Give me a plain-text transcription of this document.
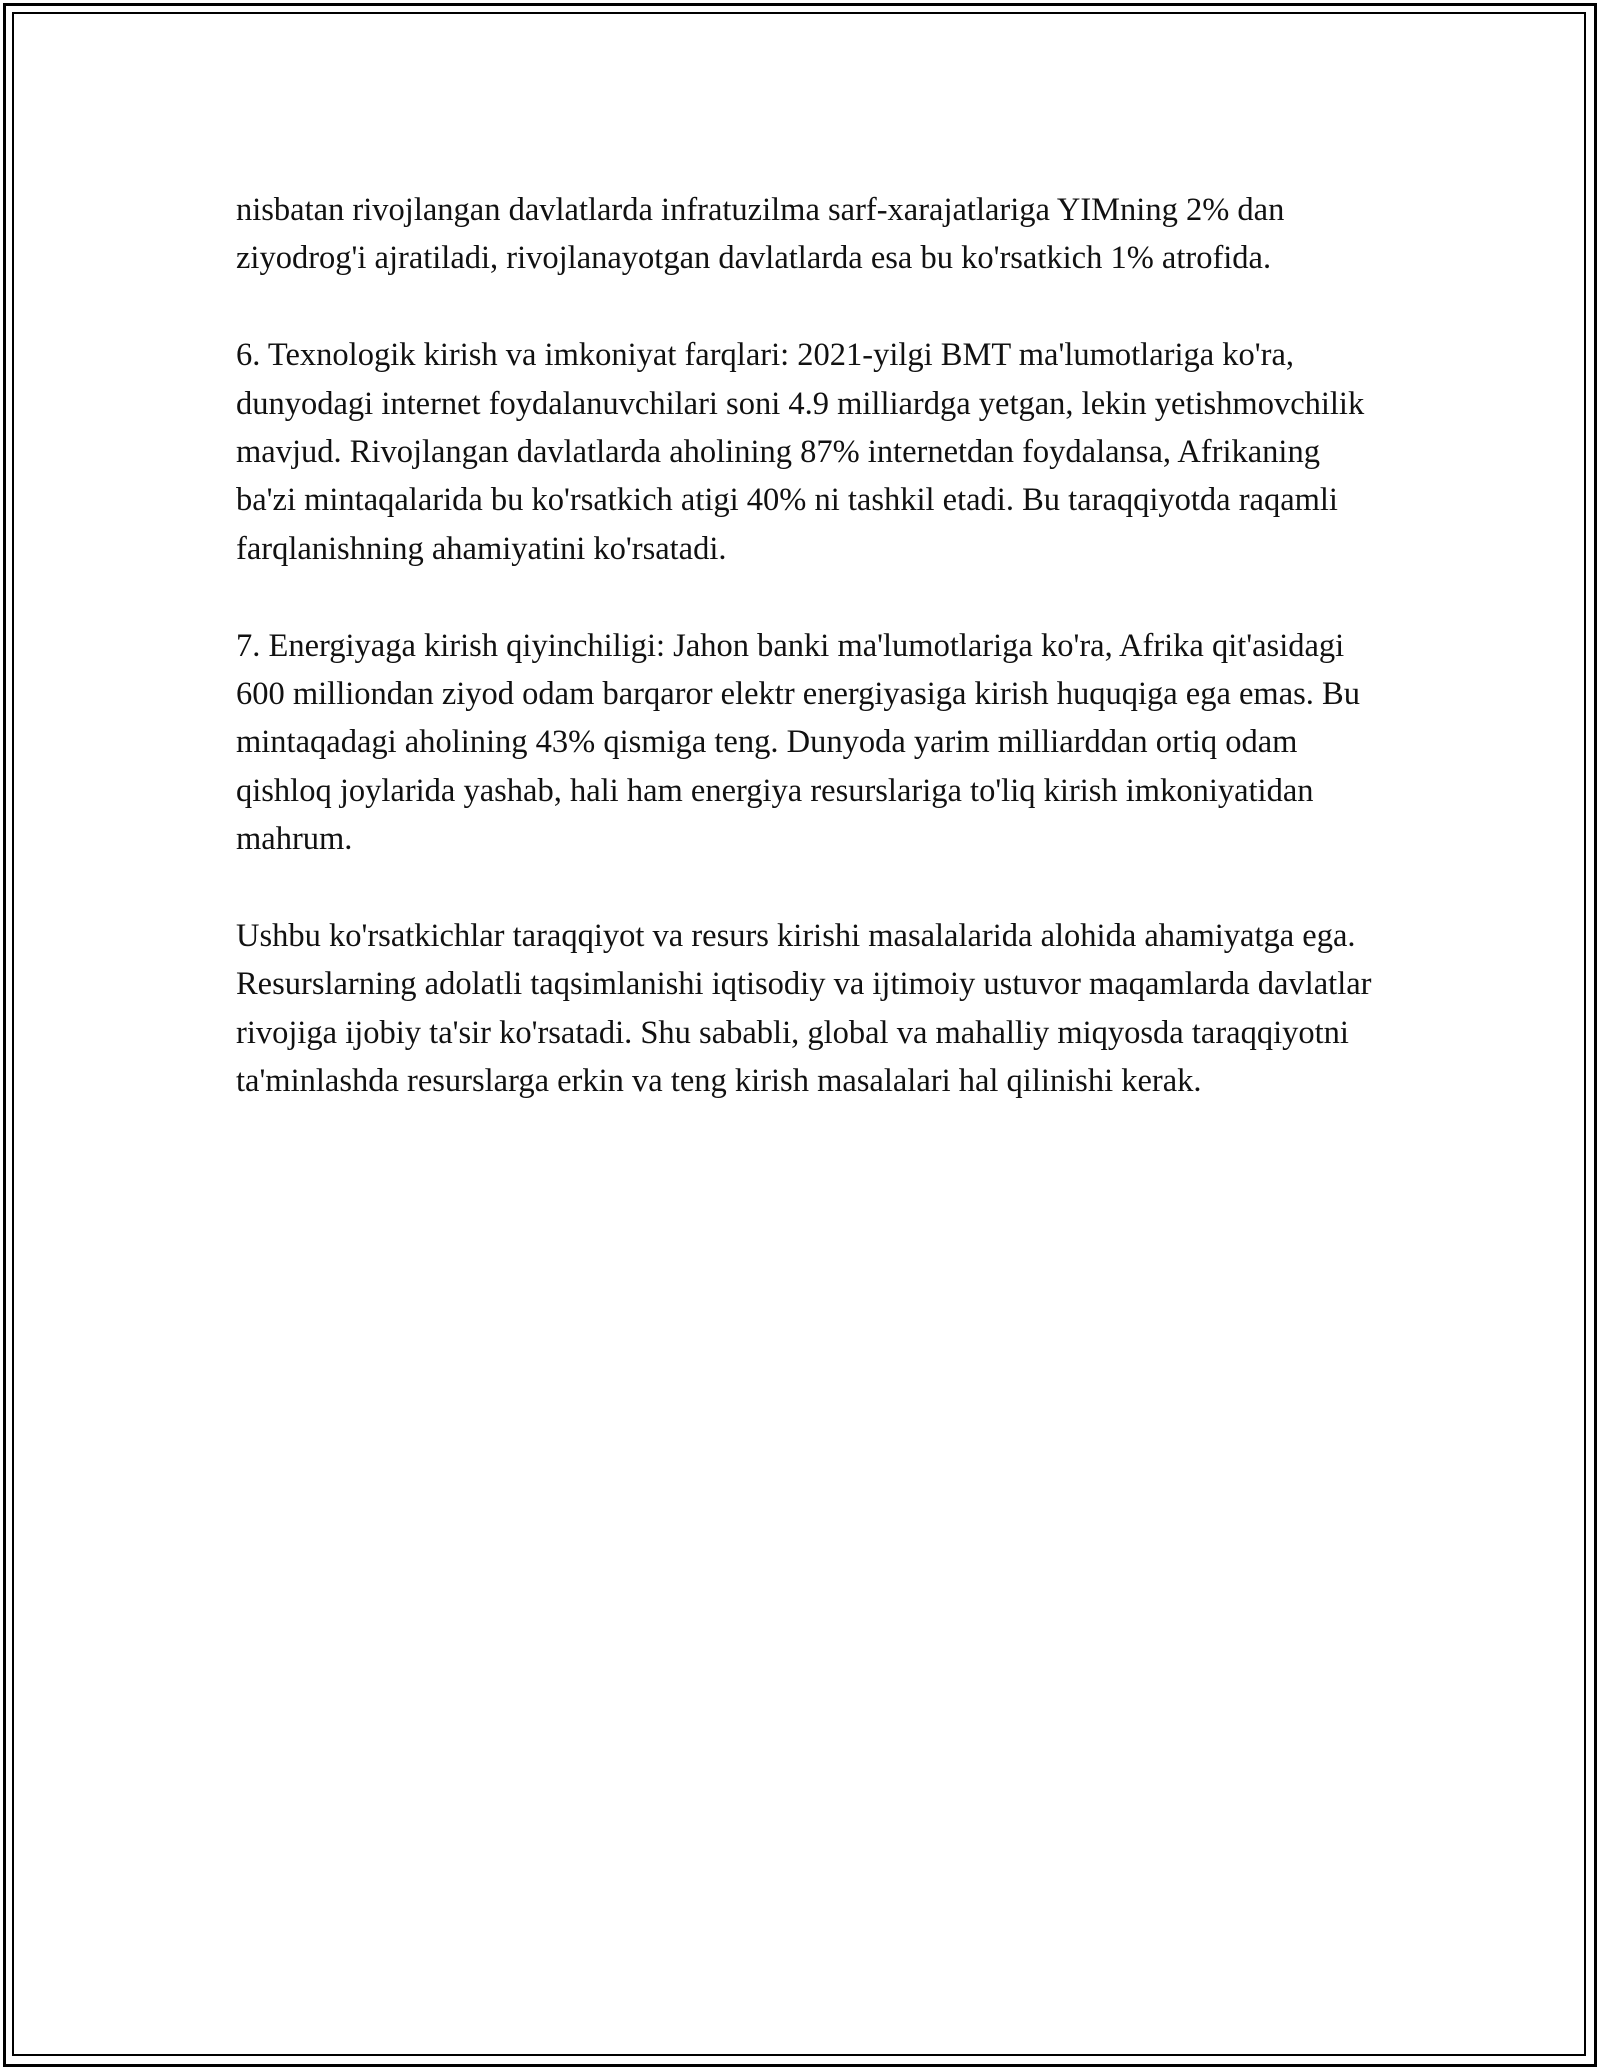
nisbatan rivojlangan davlatlarda infratuzilma sarf-xarajatlariga YIMning 2% dan ziyodrog'i ajratiladi, rivojlanayotgan davlatlarda esa bu ko'rsatkich 1% atrofida.

6. Texnologik kirish va imkoniyat farqlari: 2021-yilgi BMT ma'lumotlariga ko'ra, dunyodagi internet foydalanuvchilari soni 4.9 milliardga yetgan, lekin yetishmovchilik mavjud. Rivojlangan davlatlarda aholining 87% internetdan foydalansa, Afrikaning ba'zi mintaqalarida bu ko'rsatkich atigi 40% ni tashkil etadi. Bu taraqqiyotda raqamli farqlanishning ahamiyatini ko'rsatadi.

7. Energiyaga kirish qiyinchiligi: Jahon banki ma'lumotlariga ko'ra, Afrika qit'asidagi 600 milliondan ziyod odam barqaror elektr energiyasiga kirish huquqiga ega emas. Bu mintaqadagi aholining 43% qismiga teng. Dunyoda yarim milliarddan ortiq odam qishloq joylarida yashab, hali ham energiya resurslariga to'liq kirish imkoniyatidan mahrum.

Ushbu ko'rsatkichlar taraqqiyot va resurs kirishi masalalarida alohida ahamiyatga ega. Resurslarning adolatli taqsimlanishi iqtisodiy va ijtimoiy ustuvor maqamlarda davlatlar rivojiga ijobiy ta'sir ko'rsatadi. Shu sababli, global va mahalliy miqyosda taraqqiyotni ta'minlashda resurslarga erkin va teng kirish masalalari hal qilinishi kerak.
